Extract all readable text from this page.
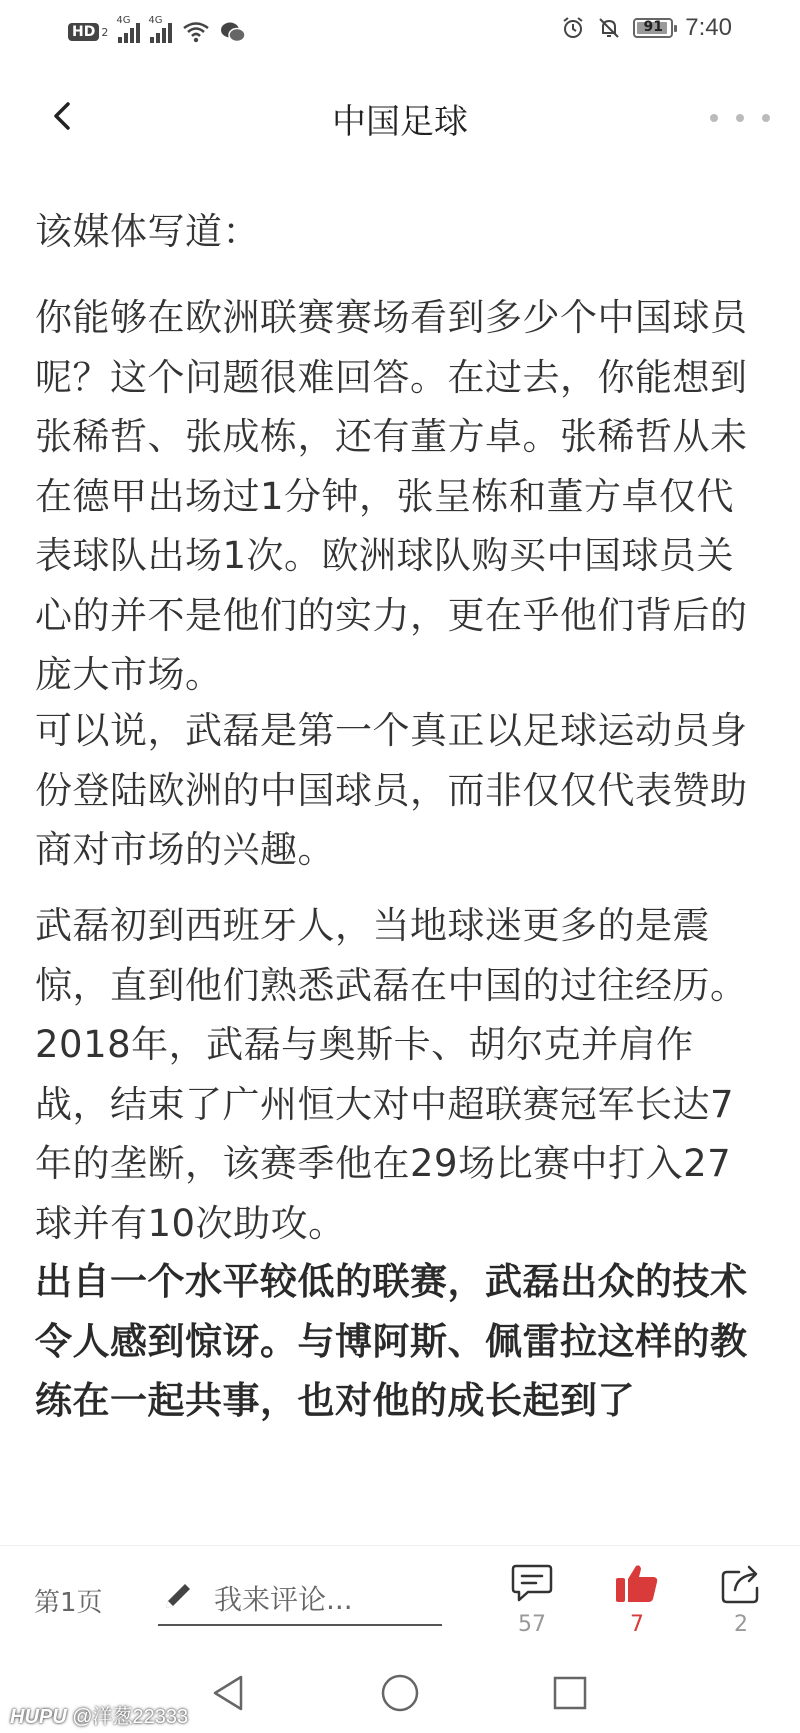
HD 2
4G 4G	91 7:40
该媒体写道：
你能够在欧洲联赛赛场看到多少个中国球员呢？这个问题很难回答。在过去，你能想到张稀哲、张成栋，还有董方卓。张稀哲从未在德甲出场过1分钟，张呈栋和董方卓仅代表球队出场1次。欧洲球队购买中国球员关心的并不是他们的实力，更在乎他们背后的庞大市场。
可以说，武磊是第一个真正以足球运动员身份登陆欧洲的中国球员，而非仅仅代表赞助商对市场的兴趣。
武磊初到西班牙人，当地球迷更多的是震惊，直到他们熟悉武磊在中国的过往经历。2018年，武磊与奥斯卡、胡尔克并肩作战，结束了广州恒大对中超联赛冠军长达7年的垄断，该赛季他在29场比赛中打入27球并有10次助攻。
出自一个水平较低的联赛，武磊出众的技术令人感到惊讶。与博阿斯、佩雷拉这样的教练在一起共事，也对他的成长起到了
中国足球
第1页	我来评论...
57	7	2
HUPU @洋葱22333
